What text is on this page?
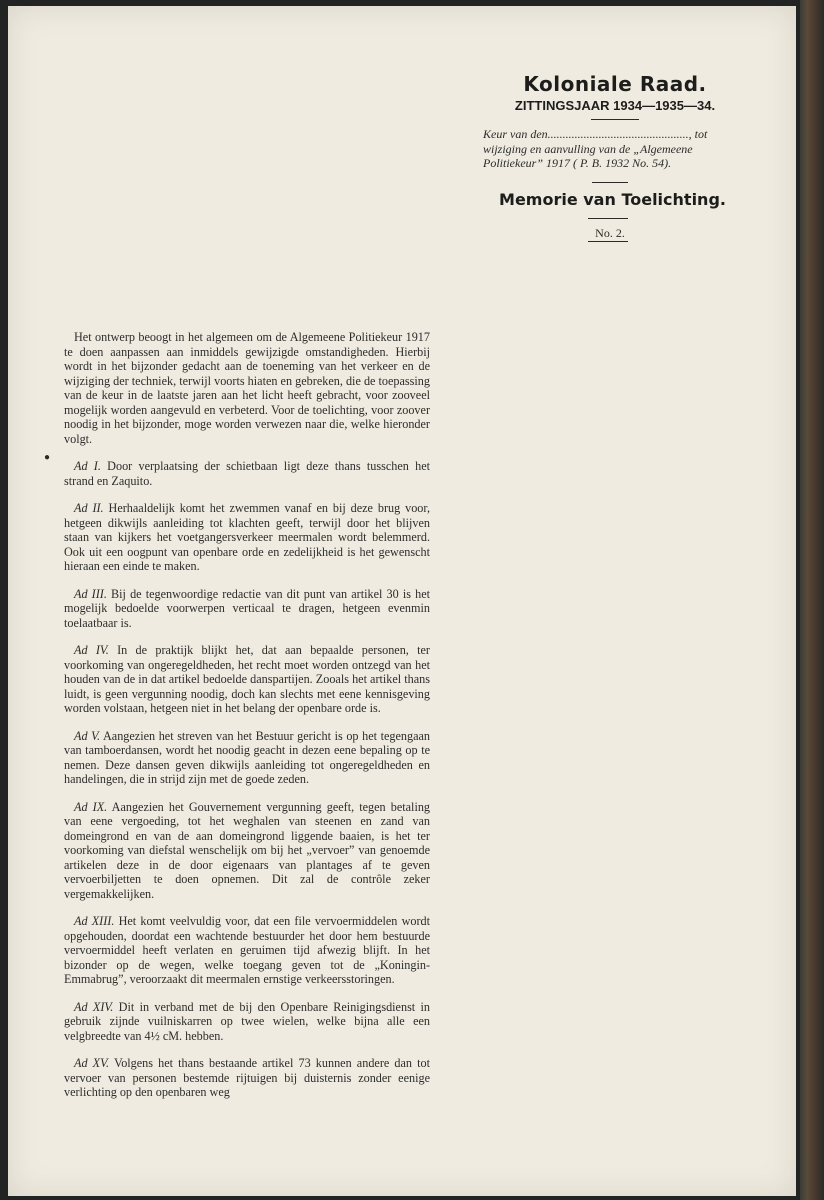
Koloniale Raad.
ZITTINGSJAAR 1934—1935—34.
Keur van den..............................................., tot wijziging en aanvulling van de „Algemeene Politiekeur” 1917 ( P. B. 1932 No. 54).
Memorie van Toelichting.
No. 2.
●

Het ontwerp beoogt in het algemeen om de Algemeene Politiekeur 1917 te doen aanpassen aan inmiddels gewijzigde omstandigheden. Hierbij wordt in het bijzonder gedacht aan de toeneming van het verkeer en de wijziging der techniek, terwijl voorts hiaten en gebreken, die de toepassing van de keur in de laatste jaren aan het licht heeft gebracht, voor zooveel mogelijk worden aangevuld en verbeterd. Voor de toelichting, voor zoover noodig in het bijzonder, moge worden verwezen naar die, welke hieronder volgt.

Ad I. Door verplaatsing der schietbaan ligt deze thans tusschen het strand en Zaquito.

Ad II. Herhaaldelijk komt het zwemmen vanaf en bij deze brug voor, hetgeen dikwijls aanleiding tot klachten geeft, terwijl door het blijven staan van kijkers het voetgangersverkeer meermalen wordt belemmerd. Ook uit een oogpunt van openbare orde en zedelijkheid is het gewenscht hieraan een einde te maken.

Ad III. Bij de tegenwoordige redactie van dit punt van artikel 30 is het mogelijk bedoelde voorwerpen verticaal te dragen, hetgeen evenmin toelaatbaar is.

Ad IV. In de praktijk blijkt het, dat aan bepaalde personen, ter voorkoming van ongeregeldheden, het recht moet worden ontzegd van het houden van de in dat artikel bedoelde danspartijen. Zooals het artikel thans luidt, is geen vergunning noodig, doch kan slechts met eene kennisgeving worden volstaan, hetgeen niet in het belang der openbare orde is.

Ad V. Aangezien het streven van het Bestuur gericht is op het tegengaan van tamboerdansen, wordt het noodig geacht in dezen eene bepaling op te nemen. Deze dansen geven dikwijls aanleiding tot ongeregeldheden en handelingen, die in strijd zijn met de goede zeden.

Ad IX. Aangezien het Gouvernement vergunning geeft, tegen betaling van eene vergoeding, tot het weghalen van steenen en zand van domeingrond en van de aan domeingrond liggende baaien, is het ter voorkoming van diefstal wenschelijk om bij het „vervoer” van genoemde artikelen deze in de door eigenaars van plantages af te geven vervoerbiljetten te doen opnemen. Dit zal de contrôle zeker vergemakkelijken.

Ad XIII. Het komt veelvuldig voor, dat een file vervoermiddelen wordt opgehouden, doordat een wachtende bestuurder het door hem bestuurde vervoermiddel heeft verlaten en geruimen tijd afwezig blijft. In het bizonder op de wegen, welke toegang geven tot de „Koningin-Emmabrug”, veroorzaakt dit meermalen ernstige verkeersstoringen.

Ad XIV. Dit in verband met de bij den Openbare Reinigingsdienst in gebruik zijnde vuilniskarren op twee wielen, welke bijna alle een velgbreedte van 4½ cM. hebben.

Ad XV. Volgens het thans bestaande artikel 73 kunnen andere dan tot vervoer van personen bestemde rijtuigen bij duisternis zonder eenige verlichting op den openbaren weg
